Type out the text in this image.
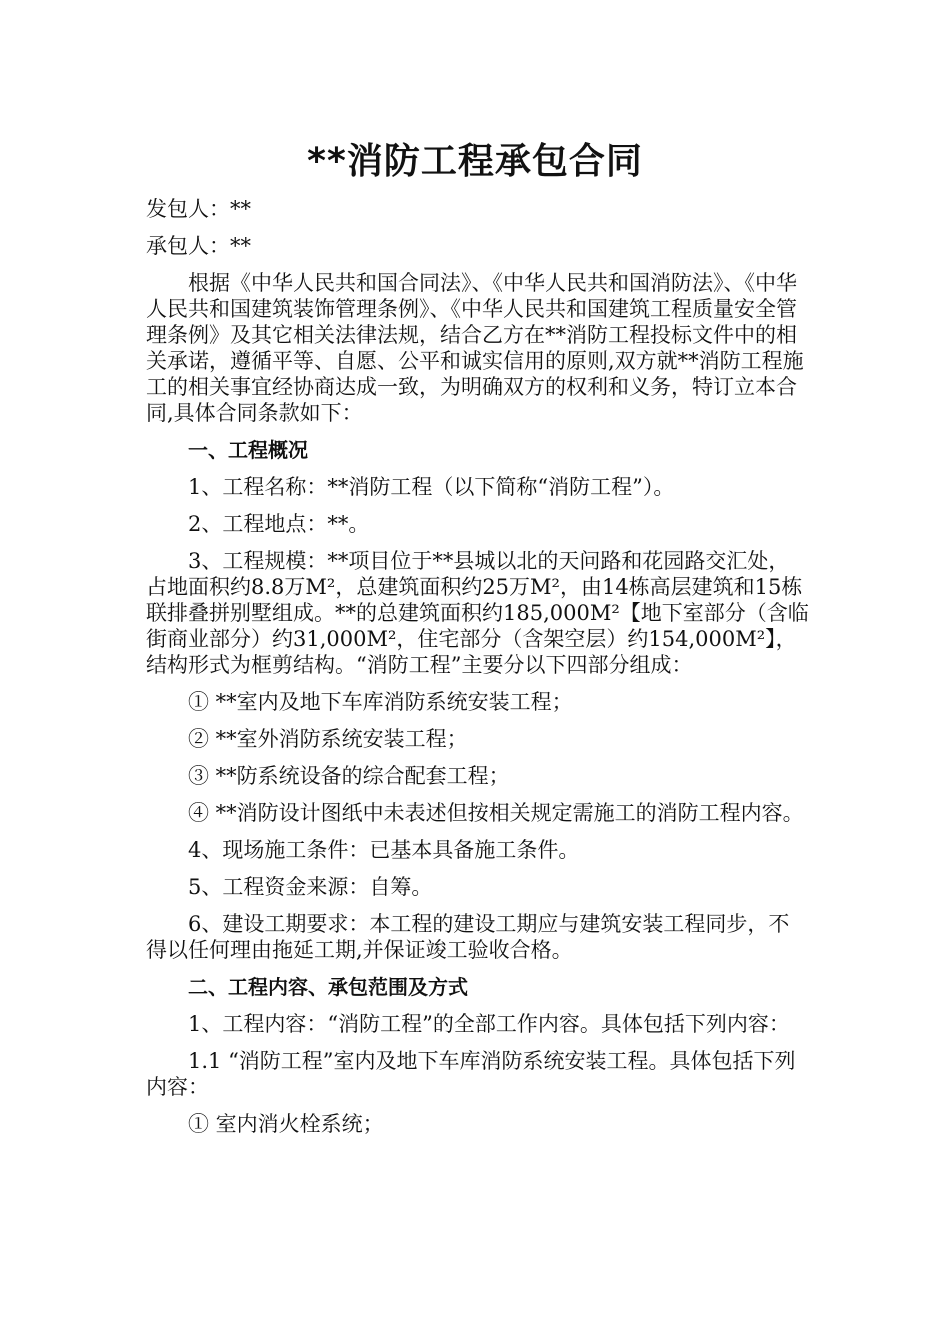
**消防工程承包合同

发包人：**

承包人：**

根据《中华人民共和国合同法》、《中华人民共和国消防法》、《中华人民共和国建筑装饰管理条例》、《中华人民共和国建筑工程质量安全管理条例》及其它相关法律法规，结合乙方在**消防工程投标文件中的相关承诺，遵循平等、自愿、公平和诚实信用的原则,双方就**消防工程施工的相关事宜经协商达成一致，为明确双方的权利和义务，特订立本合同,具体合同条款如下：

一、工程概况

1、工程名称：**消防工程（以下简称“消防工程”）。

2、工程地点：**。

3、工程规模：**项目位于**县城以北的天问路和花园路交汇处，占地面积约8.8万M²，总建筑面积约25万M²，由14栋高层建筑和15栋联排叠拼别墅组成。**的总建筑面积约185,000M²【地下室部分（含临街商业部分）约31,000M²，住宅部分（含架空层）约154,000M²】，结构形式为框剪结构。“消防工程”主要分以下四部分组成：

① **室内及地下车库消防系统安装工程；

② **室外消防系统安装工程；

③ **防系统设备的综合配套工程；

④ **消防设计图纸中未表述但按相关规定需施工的消防工程内容。

4、现场施工条件：已基本具备施工条件。

5、工程资金来源：自筹。

6、建设工期要求：本工程的建设工期应与建筑安装工程同步，不得以任何理由拖延工期,并保证竣工验收合格。

二、工程内容、承包范围及方式

1、工程内容：“消防工程”的全部工作内容。具体包括下列内容：

1.1 “消防工程”室内及地下车库消防系统安装工程。具体包括下列内容：

① 室内消火栓系统；
